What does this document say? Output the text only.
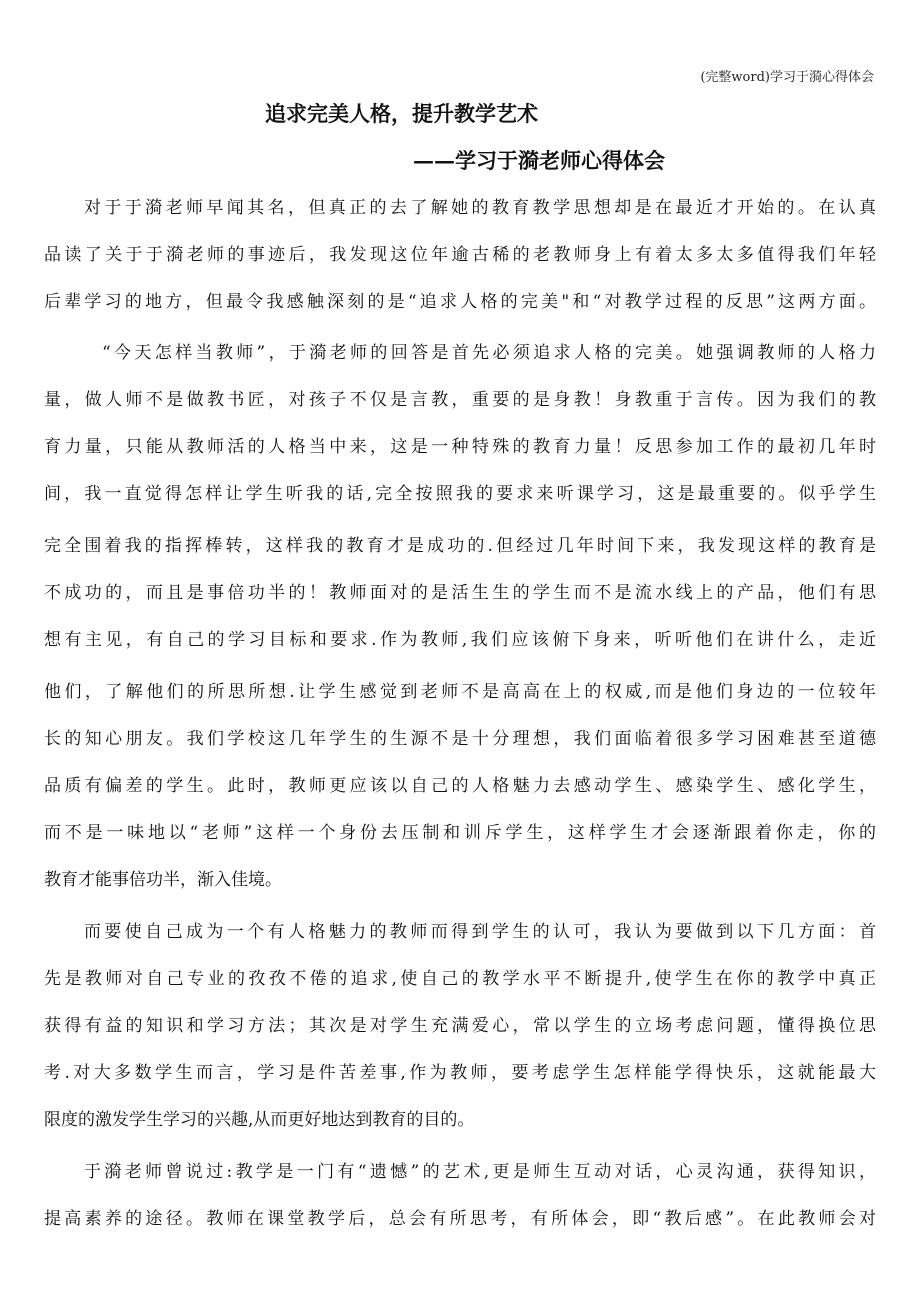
(完整word)学习于漪心得体会
追求完美人格，提升教学艺术
——学习于漪老师心得体会
对于于漪老师早闻其名，但真正的去了解她的教育教学思想却是在最近才开始的。在认真
品读了关于于漪老师的事迹后，我发现这位年逾古稀的老教师身上有着太多太多值得我们年轻
后辈学习的地方，但最令我感触深刻的是“追求人格的完美"和“对教学过程的反思”这两方面。
“今天怎样当教师”，于漪老师的回答是首先必须追求人格的完美。她强调教师的人格力
量，做人师不是做教书匠，对孩子不仅是言教，重要的是身教！身教重于言传。因为我们的教
育力量，只能从教师活的人格当中来，这是一种特殊的教育力量！反思参加工作的最初几年时
间，我一直觉得怎样让学生听我的话,完全按照我的要求来听课学习，这是最重要的。似乎学生
完全围着我的指挥棒转，这样我的教育才是成功的.但经过几年时间下来，我发现这样的教育是
不成功的，而且是事倍功半的！教师面对的是活生生的学生而不是流水线上的产品，他们有思
想有主见，有自己的学习目标和要求.作为教师,我们应该俯下身来，听听他们在讲什么，走近
他们，了解他们的所思所想.让学生感觉到老师不是高高在上的权威,而是他们身边的一位较年
长的知心朋友。我们学校这几年学生的生源不是十分理想，我们面临着很多学习困难甚至道德
品质有偏差的学生。此时，教师更应该以自己的人格魅力去感动学生、感染学生、感化学生，
而不是一味地以“老师”这样一个身份去压制和训斥学生，这样学生才会逐渐跟着你走，你的
教育才能事倍功半，渐入佳境。
而要使自己成为一个有人格魅力的教师而得到学生的认可，我认为要做到以下几方面：首
先是教师对自己专业的孜孜不倦的追求,使自己的教学水平不断提升,使学生在你的教学中真正
获得有益的知识和学习方法；其次是对学生充满爱心，常以学生的立场考虑问题，懂得换位思
考.对大多数学生而言，学习是件苦差事,作为教师，要考虑学生怎样能学得快乐，这就能最大
限度的激发学生学习的兴趣,从而更好地达到教育的目的。
于漪老师曾说过:教学是一门有“遗憾”的艺术,更是师生互动对话，心灵沟通，获得知识，
提高素养的途径。教师在课堂教学后，总会有所思考，有所体会，即“教后感”。在此教师会对
